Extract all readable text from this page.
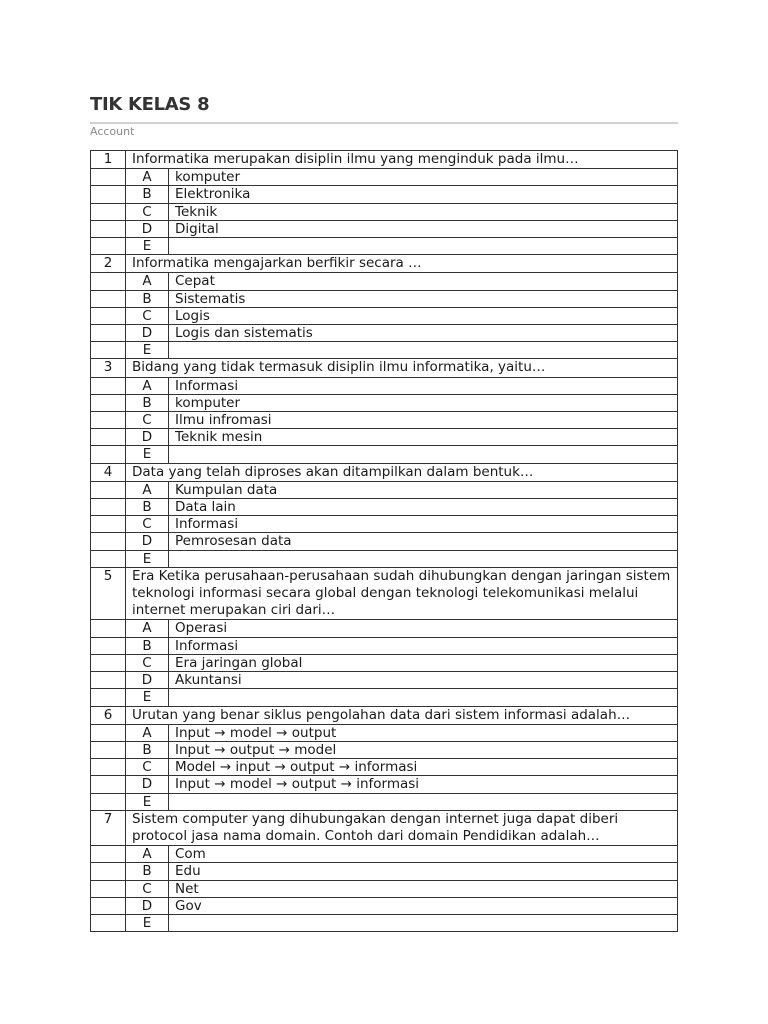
TIK KELAS 8
Account
1	Informatika merupakan disiplin ilmu yang menginduk pada ilmu…	
	A	komputer
	B	Elektronika
	C	Teknik
	D	Digital
	E	
2	Informatika mengajarkan berfikir secara …	
	A	Cepat
	B	Sistematis
	C	Logis
	D	Logis dan sistematis
	E	
3	Bidang yang tidak termasuk disiplin ilmu informatika, yaitu…	
	A	Informasi
	B	komputer
	C	Ilmu infromasi
	D	Teknik mesin
	E	
4	Data yang telah diproses akan ditampilkan dalam bentuk…	
	A	Kumpulan data
	B	Data lain
	C	Informasi
	D	Pemrosesan data
	E	
5	Era Ketika perusahaan-perusahaan sudah dihubungkan dengan jaringan sistem teknologi informasi secara global dengan teknologi telekomunikasi melalui internet merupakan ciri dari…	
	A	Operasi
	B	Informasi
	C	Era jaringan global
	D	Akuntansi
	E	
6	Urutan yang benar siklus pengolahan data dari sistem informasi adalah…	
	A	Input → model → output
	B	Input → output → model
	C	Model → input → output → informasi
	D	Input → model → output → informasi
	E	
7	Sistem computer yang dihubungakan dengan internet juga dapat diberi protocol jasa nama domain. Contoh dari domain Pendidikan adalah…	
	A	Com
	B	Edu
	C	Net
	D	Gov
	E	
